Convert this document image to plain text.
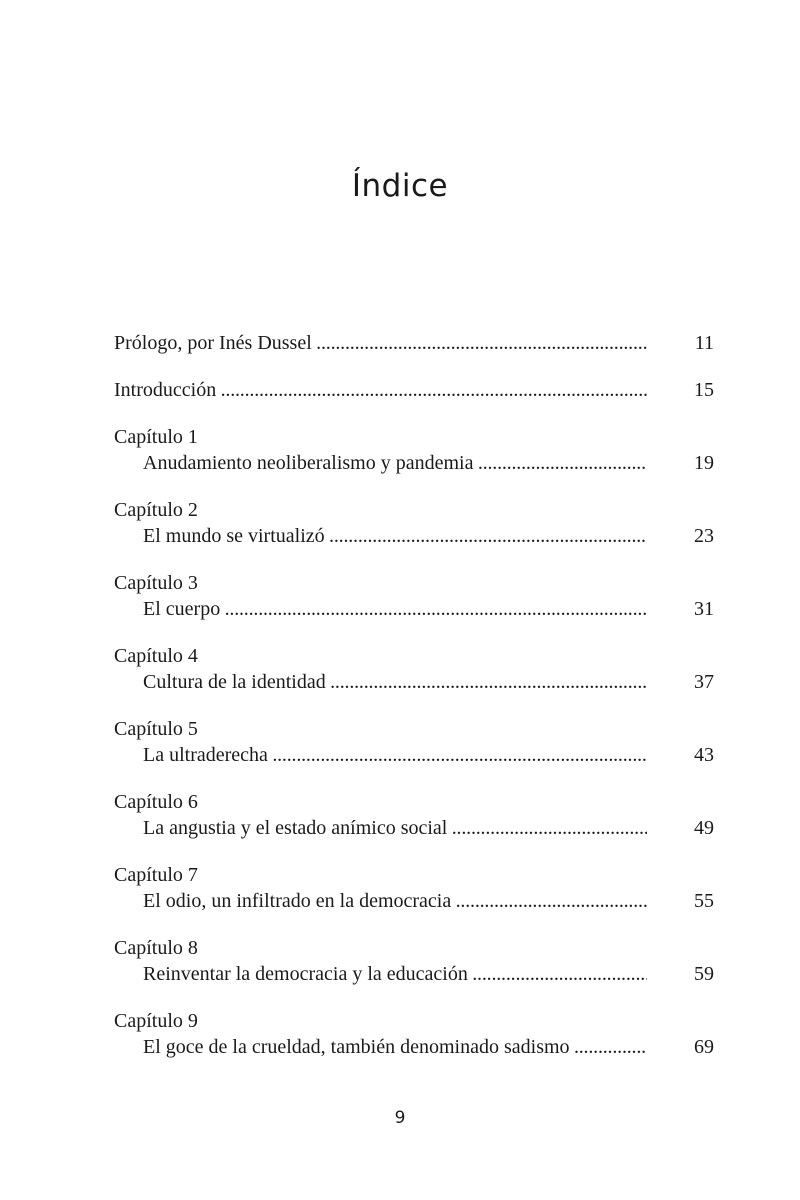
Índice
Prólogo, por Inés Dussel . . .	11
Introducción . . .	15
Capítulo 1
Anudamiento neoliberalismo y pandemia . . .	19
Capítulo 2
El mundo se virtualizó . . .	23
Capítulo 3
El cuerpo . . .	31
Capítulo 4
Cultura de la identidad . . .	37
Capítulo 5
La ultraderecha . . .	43
Capítulo 6
La angustia y el estado anímico social . . .	49
Capítulo 7
El odio, un infiltrado en la democracia . . .	55
Capítulo 8
Reinventar la democracia y la educación . . .	59
Capítulo 9
El goce de la crueldad, también denominado sadismo . . .	69
9
